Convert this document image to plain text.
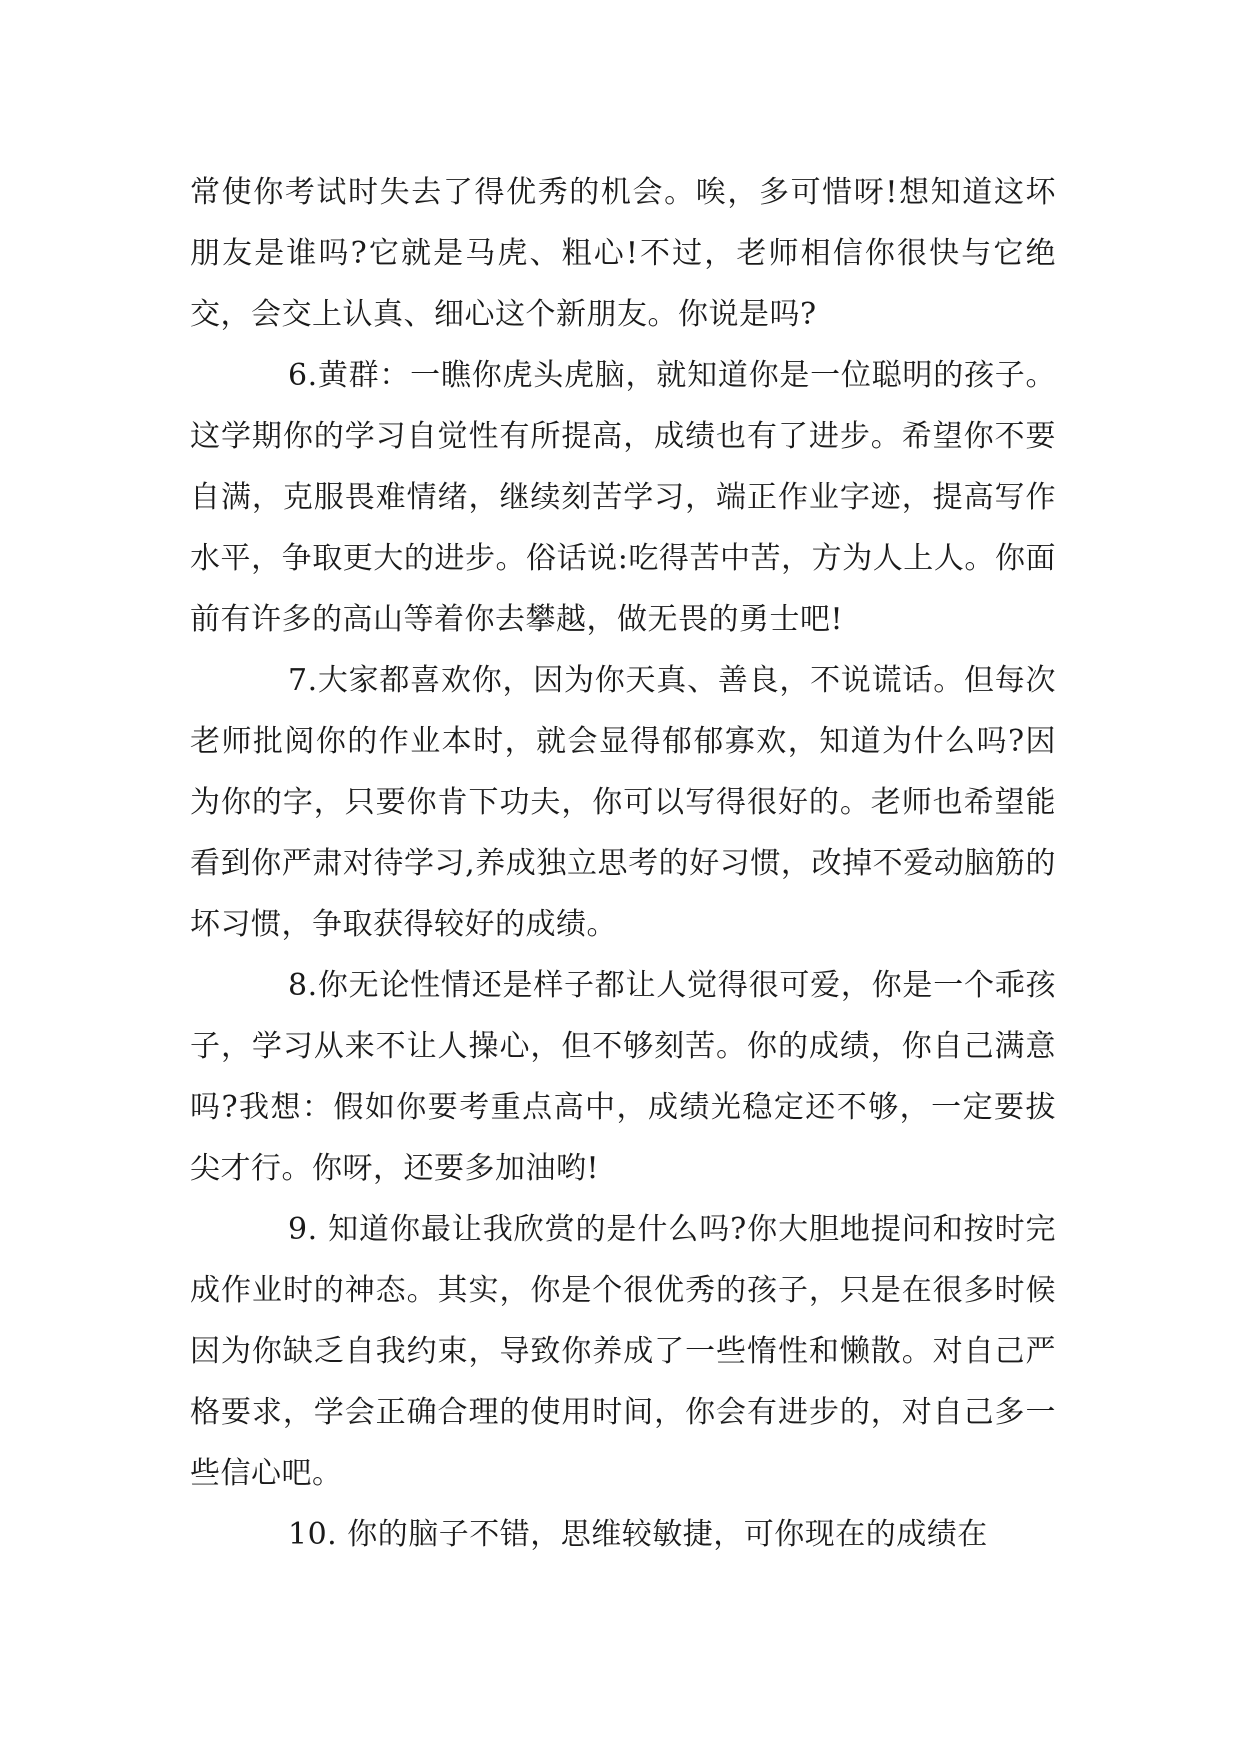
常使你考试时失去了得优秀的机会。唉，多可惜呀!想知道这坏朋友是谁吗?它就是马虎、粗心!不过，老师相信你很快与它绝交，会交上认真、细心这个新朋友。你说是吗?

6.黄群：一瞧你虎头虎脑，就知道你是一位聪明的孩子。这学期你的学习自觉性有所提高，成绩也有了进步。希望你不要自满，克服畏难情绪，继续刻苦学习，端正作业字迹，提高写作水平，争取更大的进步。俗话说:吃得苦中苦，方为人上人。你面前有许多的高山等着你去攀越，做无畏的勇士吧!

7.大家都喜欢你，因为你天真、善良，不说谎话。但每次老师批阅你的作业本时，就会显得郁郁寡欢，知道为什么吗?因为你的字，只要你肯下功夫，你可以写得很好的。老师也希望能看到你严肃对待学习,养成独立思考的好习惯，改掉不爱动脑筋的坏习惯，争取获得较好的成绩。

8.你无论性情还是样子都让人觉得很可爱，你是一个乖孩子，学习从来不让人操心，但不够刻苦。你的成绩，你自己满意吗?我想：假如你要考重点高中，成绩光稳定还不够，一定要拔尖才行。你呀，还要多加油哟!

9. 知道你最让我欣赏的是什么吗?你大胆地提问和按时完成作业时的神态。其实，你是个很优秀的孩子，只是在很多时候因为你缺乏自我约束，导致你养成了一些惰性和懒散。对自己严格要求，学会正确合理的使用时间，你会有进步的，对自己多一些信心吧。

10. 你的脑子不错，思维较敏捷，可你现在的成绩在
